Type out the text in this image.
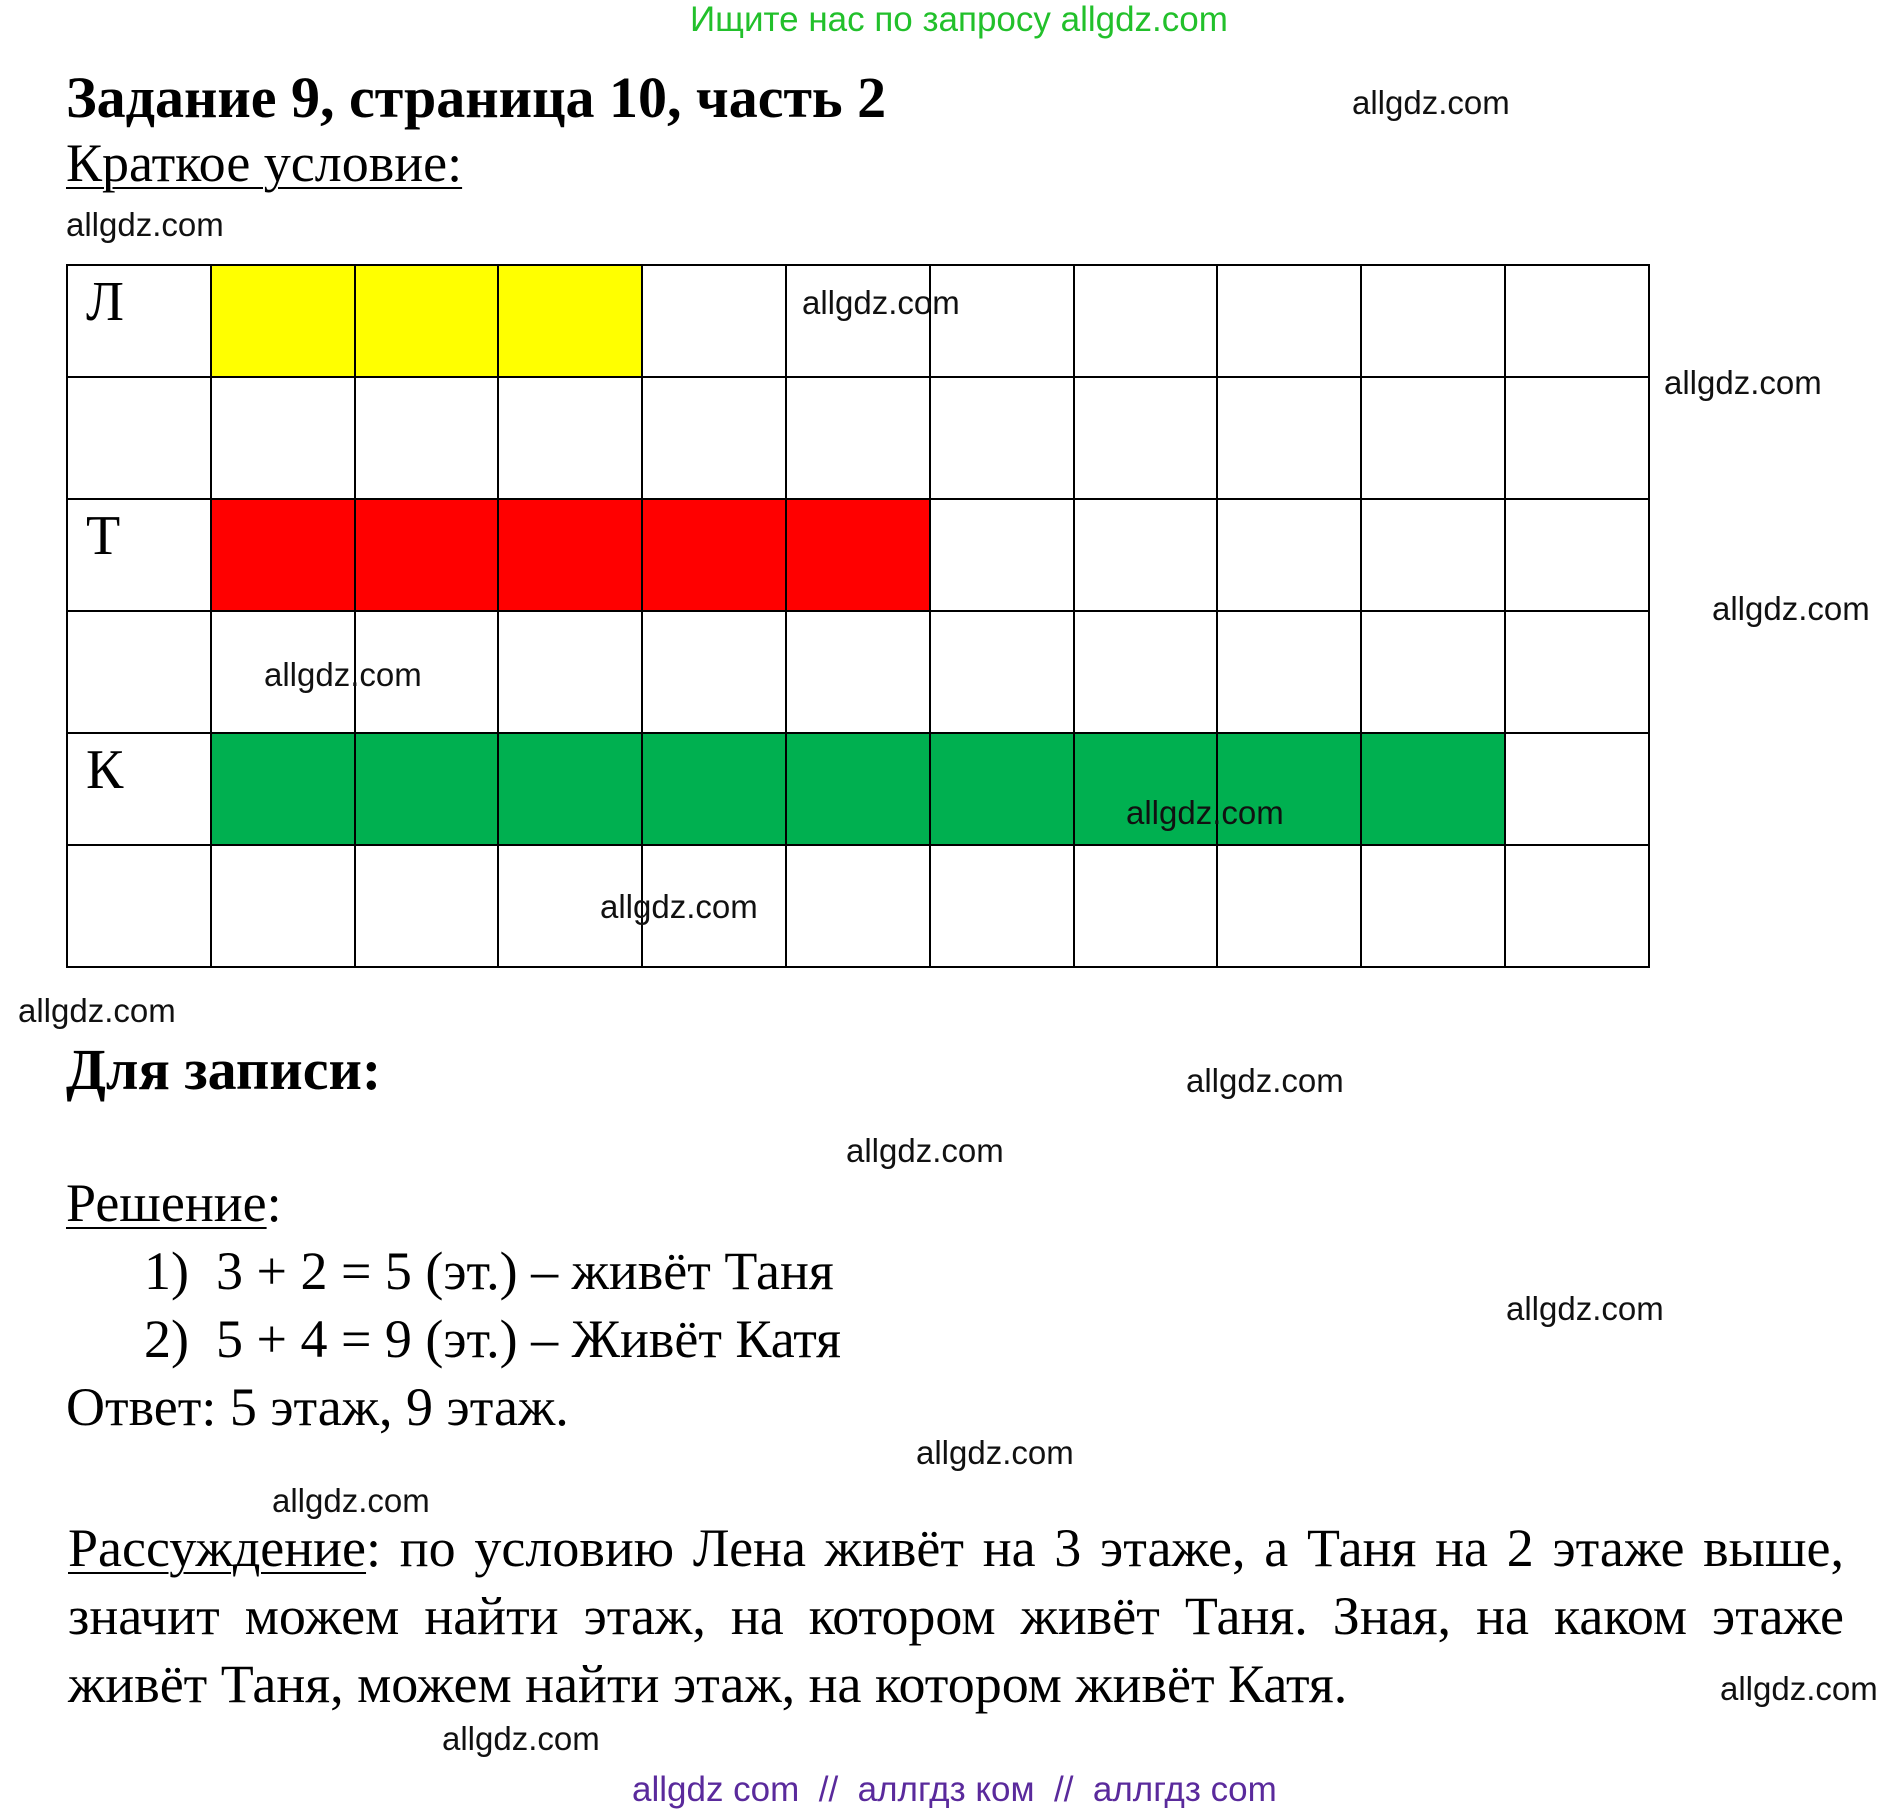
Ищите нас по запросу allgdz.com
Задание 9, страница 10, часть 2
Краткое условие:
Л
Т
К
Для записи:
Решение:
1) 3 + 2 = 5 (эт.) – живёт Таня
2) 5 + 4 = 9 (эт.) – Живёт Катя
Ответ: 5 этаж, 9 этаж.
Рассуждение: по условию Лена живёт на 3 этаже, а Таня на 2 этаже выше, значит можем найти этаж, на котором живёт Таня. Зная, на каком этаже живёт Таня, можем найти этаж, на котором живёт Катя.
allgdz.com
allgdz.com
allgdz.com
allgdz.com
allgdz.com
allgdz.com
allgdz.com
allgdz.com
allgdz.com
allgdz.com
allgdz.com
allgdz.com
allgdz.com
allgdz.com
allgdz.com
allgdz.com
allgdz com  //  аллгдз ком  //  аллгдз com
